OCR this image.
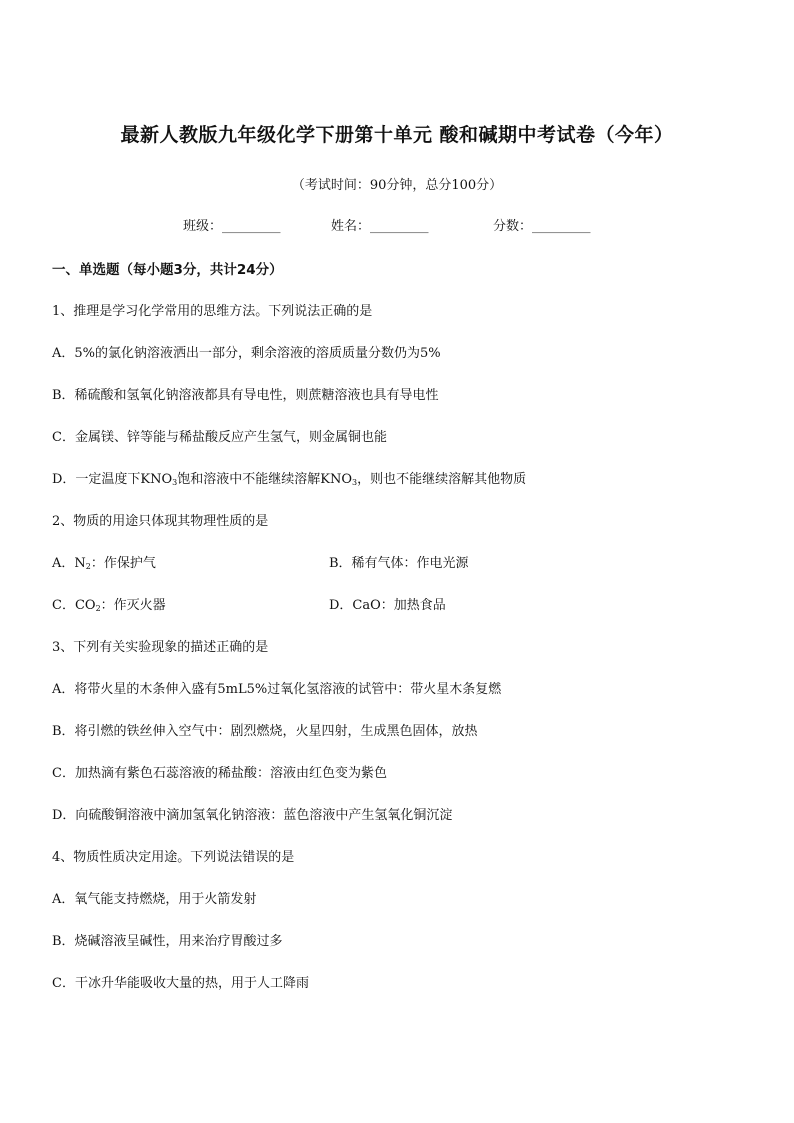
最新人教版九年级化学下册第十单元 酸和碱期中考试卷（今年）
（考试时间：90分钟，总分100分）
班级：_________	姓名：_________	分数：_________
一、单选题（每小题3分，共计24分）
1、推理是学习化学常用的思维方法。下列说法正确的是
A．5%的氯化钠溶液洒出一部分，剩余溶液的溶质质量分数仍为5%
B．稀硫酸和氢氧化钠溶液都具有导电性，则蔗糖溶液也具有导电性
C．金属镁、锌等能与稀盐酸反应产生氢气，则金属铜也能
D．一定温度下$KNO_3$饱和溶液中不能继续溶解$KNO_3$，则也不能继续溶解其他物质
2、物质的用途只体现其物理性质的是
A．$N_2$：作保护气	B．稀有气体：作电光源
C．$CO_2$：作灭火器	D．CaO：加热食品
3、下列有关实验现象的描述正确的是
A．将带火星的木条伸入盛有5mL5%过氧化氢溶液的试管中：带火星木条复燃
B．将引燃的铁丝伸入空气中：剧烈燃烧，火星四射，生成黑色固体，放热
C．加热滴有紫色石蕊溶液的稀盐酸：溶液由红色变为紫色
D．向硫酸铜溶液中滴加氢氧化钠溶液：蓝色溶液中产生氢氧化铜沉淀
4、物质性质决定用途。下列说法错误的是
A．氧气能支持燃烧，用于火箭发射
B．烧碱溶液呈碱性，用来治疗胃酸过多
C．干冰升华能吸收大量的热，用于人工降雨
